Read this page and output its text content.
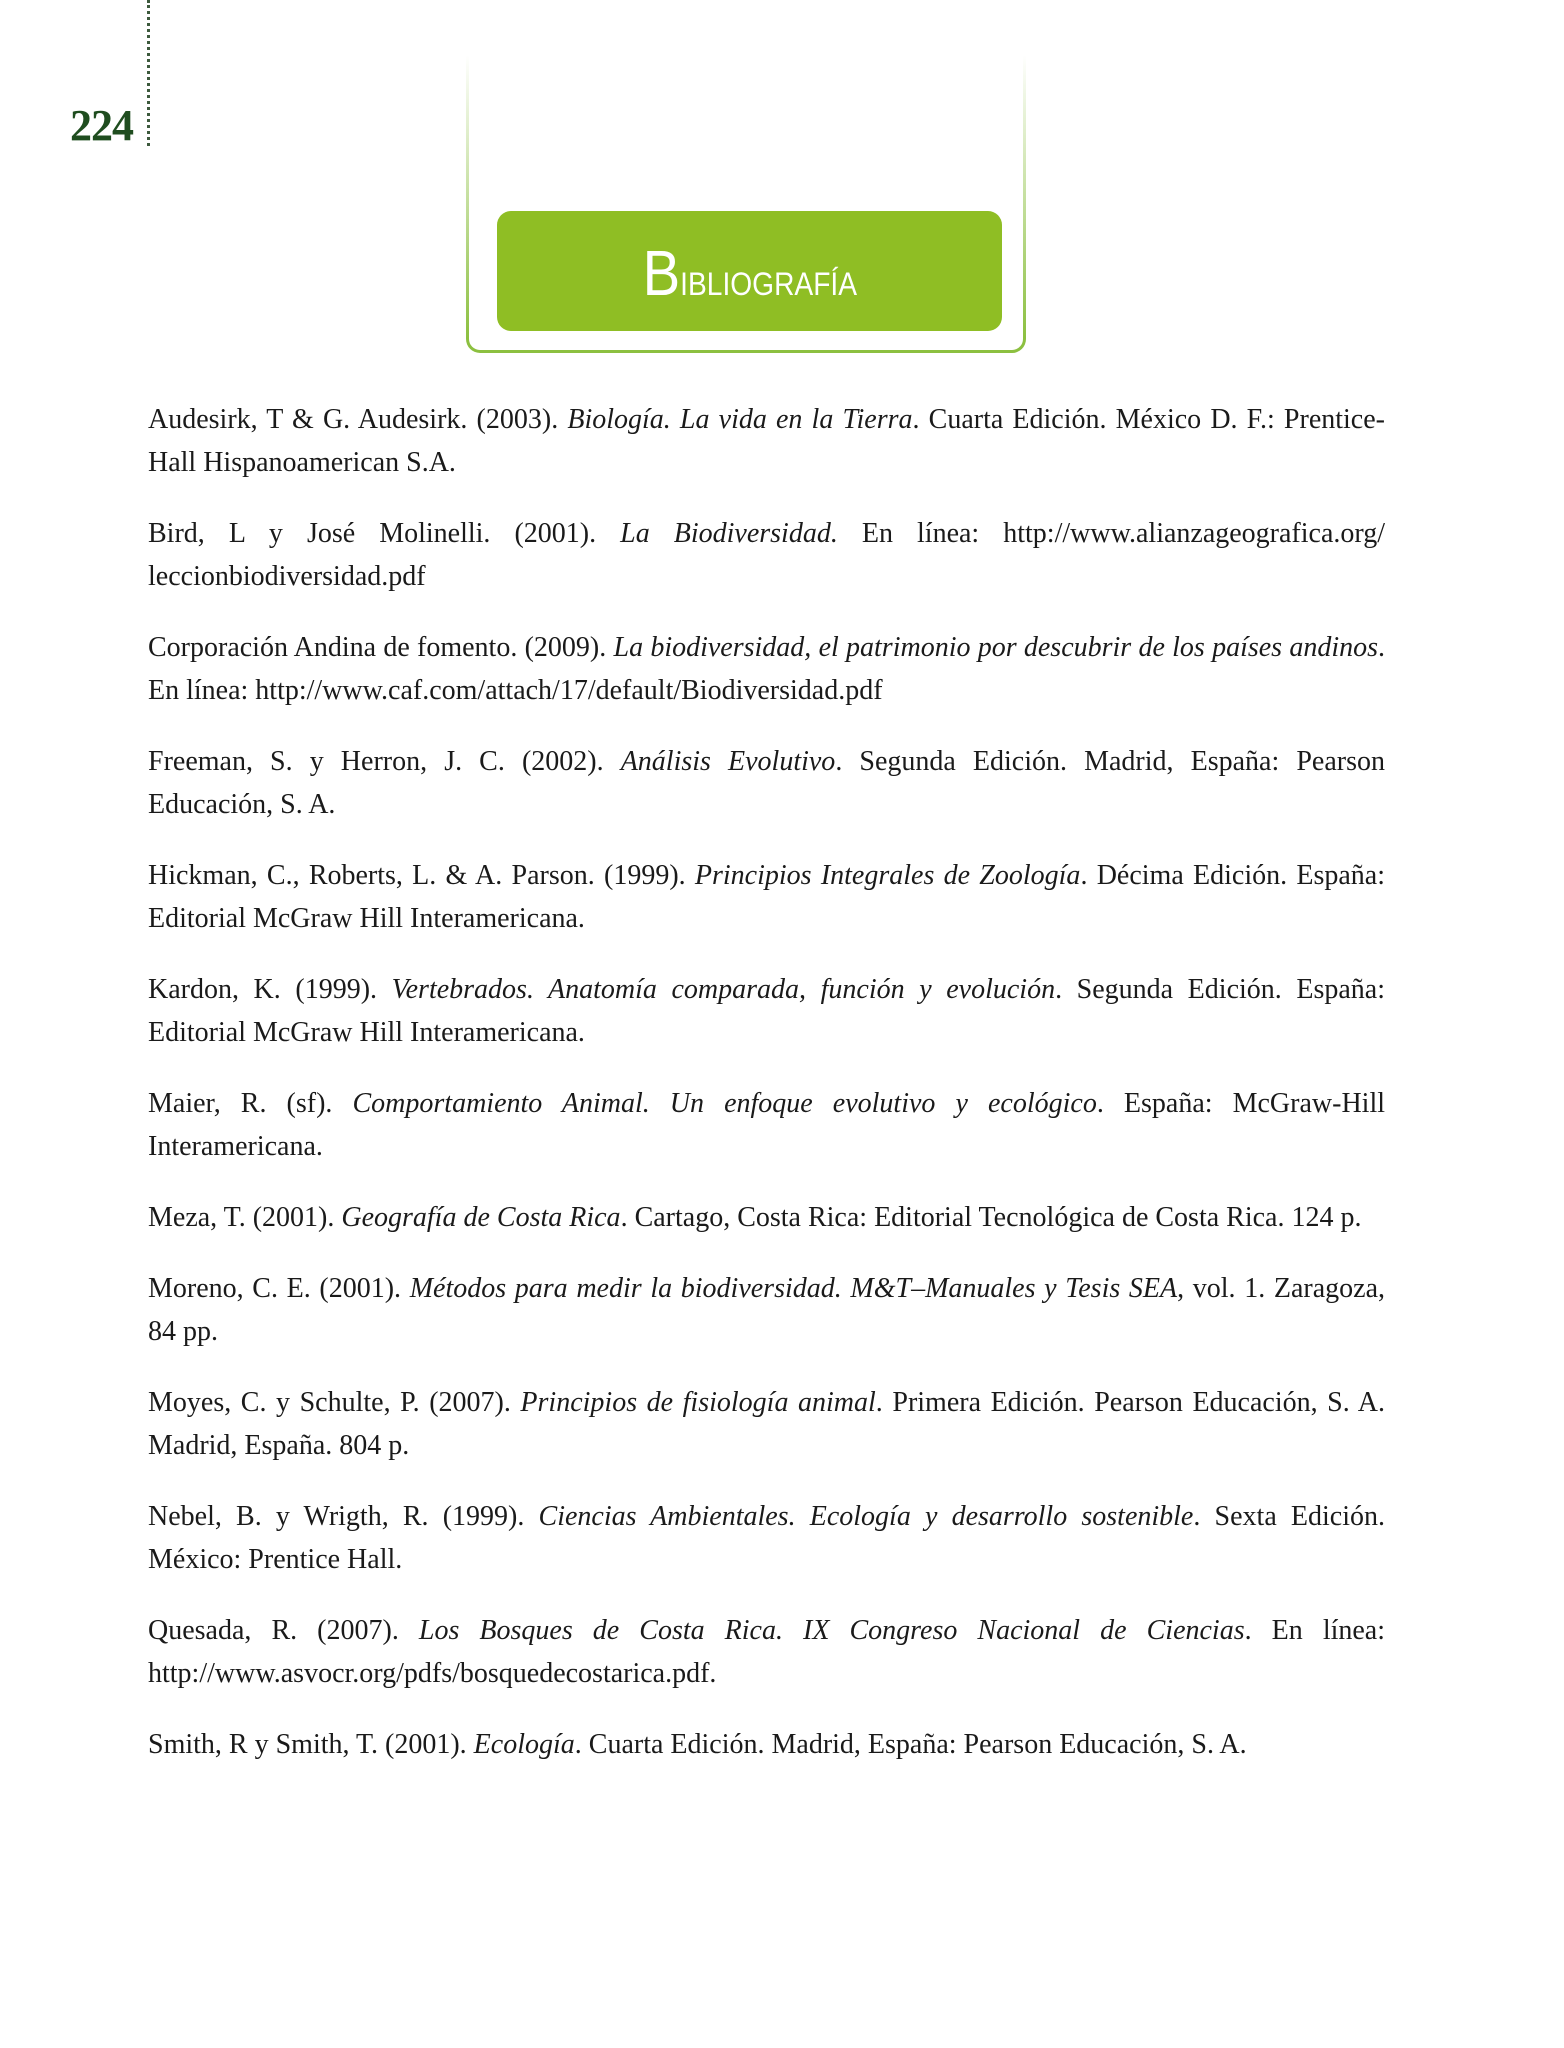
224
Bibliografía
Audesirk, T & G. Audesirk. (2003). Biología. La vida en la Tierra. Cuarta Edición. México D. F.: Prentice-Hall Hispanoamerican S.A.
Bird, L y José Molinelli. (2001). La Biodiversidad. En línea: http://www.alianzageografica.org/ leccionbiodiversidad.pdf
Corporación Andina de fomento. (2009). La biodiversidad, el patrimonio por descubrir de los países andinos. En línea: http://www.caf.com/attach/17/default/Biodiversidad.pdf
Freeman, S. y Herron, J. C. (2002). Análisis Evolutivo. Segunda Edición. Madrid, España: Pearson Educación, S. A.
Hickman, C., Roberts, L. & A. Parson. (1999). Principios Integrales de Zoología. Décima Edición. España: Editorial McGraw Hill Interamericana.
Kardon, K. (1999). Vertebrados. Anatomía comparada, función y evolución. Segunda Edición. España: Editorial McGraw Hill Interamericana.
Maier, R. (sf). Comportamiento Animal. Un enfoque evolutivo y ecológico. España: McGraw-Hill Interamericana.
Meza, T. (2001). Geografía de Costa Rica. Cartago, Costa Rica: Editorial Tecnológica de Costa Rica. 124 p.
Moreno, C. E. (2001). Métodos para medir la biodiversidad. M&T–Manuales y Tesis SEA, vol. 1. Zaragoza, 84 pp.
Moyes, C. y Schulte, P. (2007). Principios de fisiología animal. Primera Edición. Pearson Educación, S. A. Madrid, España. 804 p.
Nebel, B. y Wrigth, R. (1999). Ciencias Ambientales. Ecología y desarrollo sostenible. Sexta Edición. México: Prentice Hall.
Quesada, R. (2007). Los Bosques de Costa Rica. IX Congreso Nacional de Ciencias. En línea: http://www.asvocr.org/pdfs/bosquedecostarica.pdf.
Smith, R y Smith, T. (2001). Ecología. Cuarta Edición. Madrid, España: Pearson Educación, S. A.
